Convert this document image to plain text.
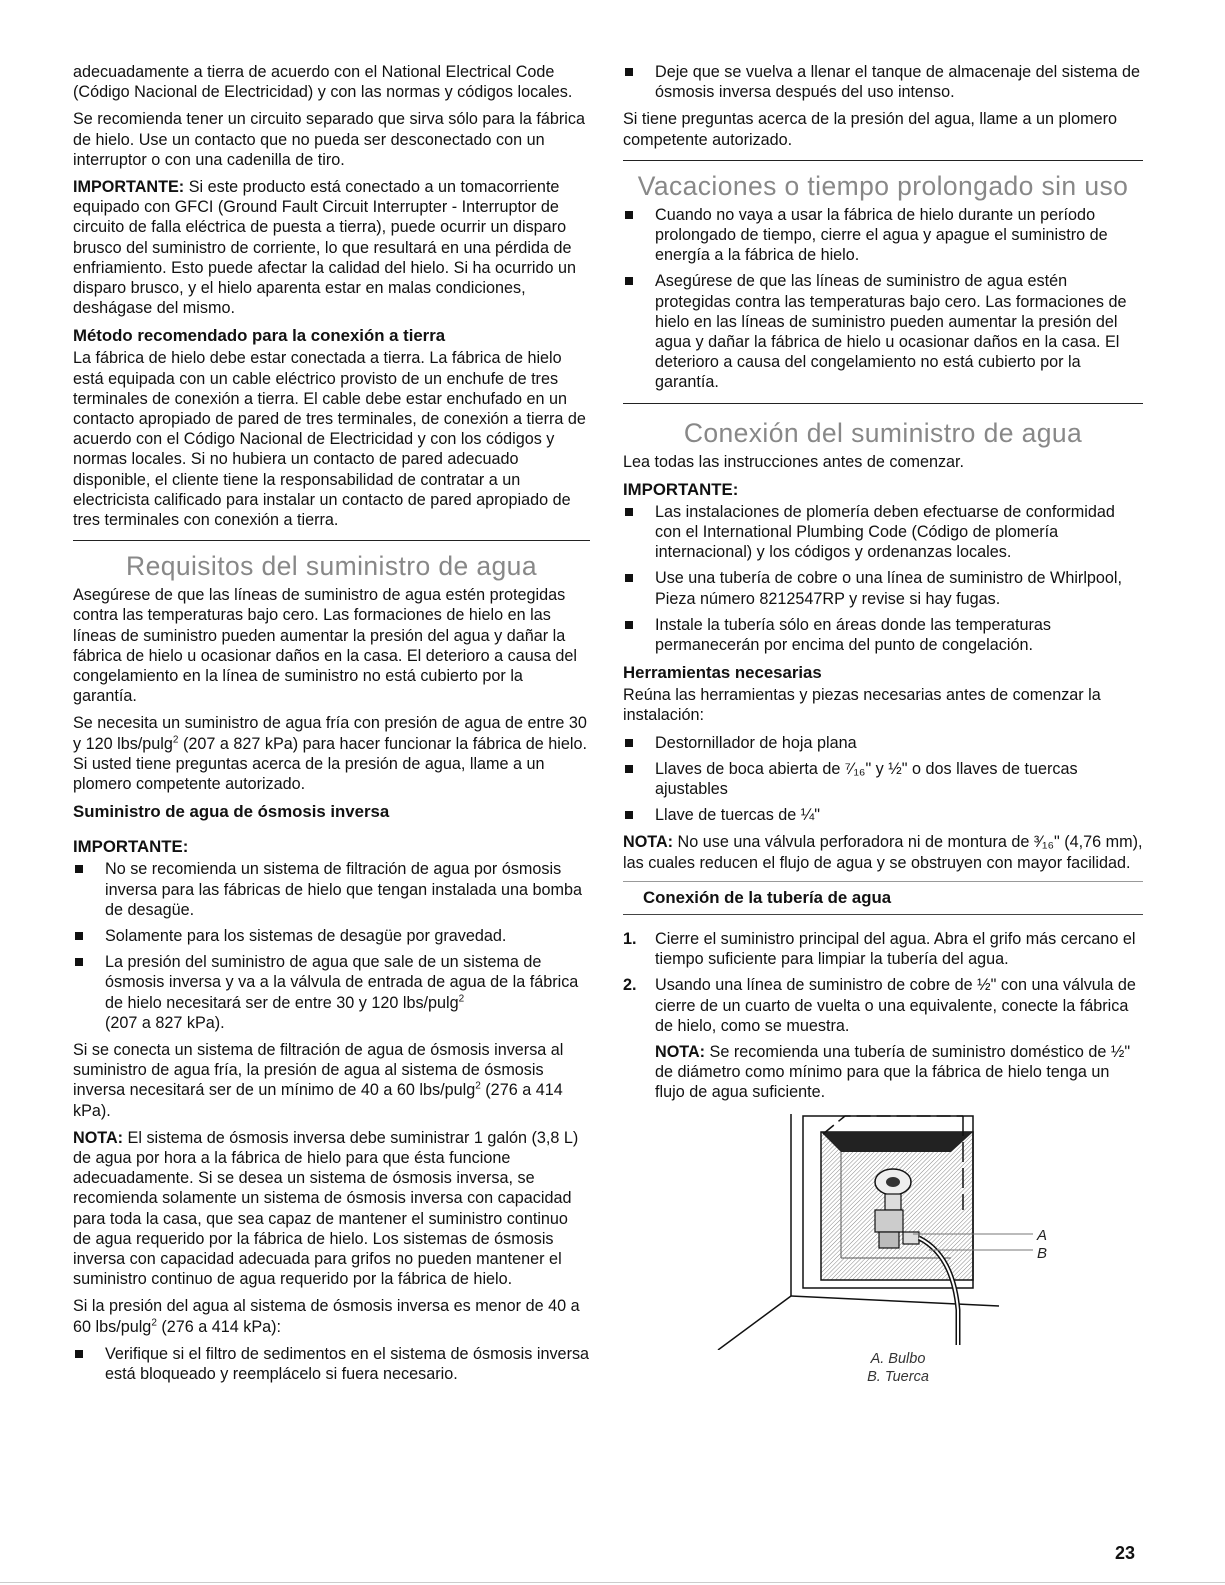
adecuadamente a tierra de acuerdo con el National Electrical Code (Código Nacional de Electricidad) y con las normas y códigos locales.

Se recomienda tener un circuito separado que sirva sólo para la fábrica de hielo. Use un contacto que no pueda ser desconectado con un interruptor o con una cadenilla de tiro.

IMPORTANTE: Si este producto está conectado a un tomacorriente equipado con GFCI (Ground Fault Circuit Interrupter - Interruptor de circuito de falla eléctrica de puesta a tierra), puede ocurrir un disparo brusco del suministro de corriente, lo que resultará en una pérdida de enfriamiento. Esto puede afectar la calidad del hielo. Si ha ocurrido un disparo brusco, y el hielo aparenta estar en malas condiciones, deshágase del mismo.

Método recomendado para la conexión a tierra

La fábrica de hielo debe estar conectada a tierra. La fábrica de hielo está equipada con un cable eléctrico provisto de un enchufe de tres terminales de conexión a tierra. El cable debe estar enchufado en un contacto apropiado de pared de tres terminales, de conexión a tierra de acuerdo con el Código Nacional de Electricidad y con los códigos y normas locales. Si no hubiera un contacto de pared adecuado disponible, el cliente tiene la responsabilidad de contratar a un electricista calificado para instalar un contacto de pared apropiado de tres terminales con conexión a tierra.

Requisitos del suministro de agua

Asegúrese de que las líneas de suministro de agua estén protegidas contra las temperaturas bajo cero. Las formaciones de hielo en las líneas de suministro pueden aumentar la presión del agua y dañar la fábrica de hielo u ocasionar daños en la casa. El deterioro a causa del congelamiento en la línea de suministro no está cubierto por la garantía.

Se necesita un suministro de agua fría con presión de agua de entre 30 y 120 lbs/pulg$^2$ (207 a 827 kPa) para hacer funcionar la fábrica de hielo. Si usted tiene preguntas acerca de la presión de agua, llame a un plomero competente autorizado.

Suministro de agua de ósmosis inversa
IMPORTANTE:
No se recomienda un sistema de filtración de agua por ósmosis inversa para las fábricas de hielo que tengan instalada una bomba de desagüe.
Solamente para los sistemas de desagüe por gravedad.
La presión del suministro de agua que sale de un sistema de ósmosis inversa y va a la válvula de entrada de agua de la fábrica de hielo necesitará ser de entre 30 y 120 lbs/pulg$^2$
(207 a 827 kPa).

Si se conecta un sistema de filtración de agua de ósmosis inversa al suministro de agua fría, la presión de agua al sistema de ósmosis inversa necesitará ser de un mínimo de 40 a 60 lbs/pulg$^2$ (276 a 414 kPa).

NOTA: El sistema de ósmosis inversa debe suministrar 1 galón (3,8 L) de agua por hora a la fábrica de hielo para que ésta funcione adecuadamente. Si se desea un sistema de ósmosis inversa, se recomienda solamente un sistema de ósmosis inversa con capacidad para toda la casa, que sea capaz de mantener el suministro continuo de agua requerido por la fábrica de hielo. Los sistemas de ósmosis inversa con capacidad adecuada para grifos no pueden mantener el suministro continuo de agua requerido por la fábrica de hielo.

Si la presión del agua al sistema de ósmosis inversa es menor de 40 a 60 lbs/pulg$^2$ (276 a 414 kPa):

Verifique si el filtro de sedimentos en el sistema de ósmosis inversa está bloqueado y reemplácelo si fuera necesario.
Deje que se vuelva a llenar el tanque de almacenaje del sistema de ósmosis inversa después del uso intenso.

Si tiene preguntas acerca de la presión del agua, llame a un plomero competente autorizado.

Vacaciones o tiempo prolongado sin uso
Cuando no vaya a usar la fábrica de hielo durante un período prolongado de tiempo, cierre el agua y apague el suministro de energía a la fábrica de hielo.
Asegúrese de que las líneas de suministro de agua estén protegidas contra las temperaturas bajo cero. Las formaciones de hielo en las líneas de suministro pueden aumentar la presión del agua y dañar la fábrica de hielo u ocasionar daños en la casa. El deterioro a causa del congelamiento no está cubierto por la garantía.
Conexión del suministro de agua

Lea todas las instrucciones antes de comenzar.

IMPORTANTE:
Las instalaciones de plomería deben efectuarse de conformidad con el International Plumbing Code (Código de plomería internacional) y los códigos y ordenanzas locales.
Use una tubería de cobre o una línea de suministro de Whirlpool, Pieza número 8212547RP y revise si hay fugas.
Instale la tubería sólo en áreas donde las temperaturas permanecerán por encima del punto de congelación.
Herramientas necesarias

Reúna las herramientas y piezas necesarias antes de comenzar la instalación:

Destornillador de hoja plana
Llaves de boca abierta de ⁷⁄₁₆" y ½" o dos llaves de tuercas ajustables
Llave de tuercas de ¼"

NOTA: No use una válvula perforadora ni de montura de ³⁄₁₆" (4,76 mm), las cuales reducen el flujo de agua y se obstruyen con mayor facilidad.

Conexión de la tubería de agua
1. Cierre el suministro principal del agua. Abra el grifo más cercano el tiempo suficiente para limpiar la tubería del agua.
2. Usando una línea de suministro de cobre de ½" con una válvula de cierre de un cuarto de vuelta o una equivalente, conecte la fábrica de hielo, como se muestra.

NOTA: Se recomienda una tubería de suministro doméstico de ½" de diámetro como mínimo para que la fábrica de hielo tenga un flujo de agua suficiente.

A
B
A. Bulbo
B. Tuerca
23
